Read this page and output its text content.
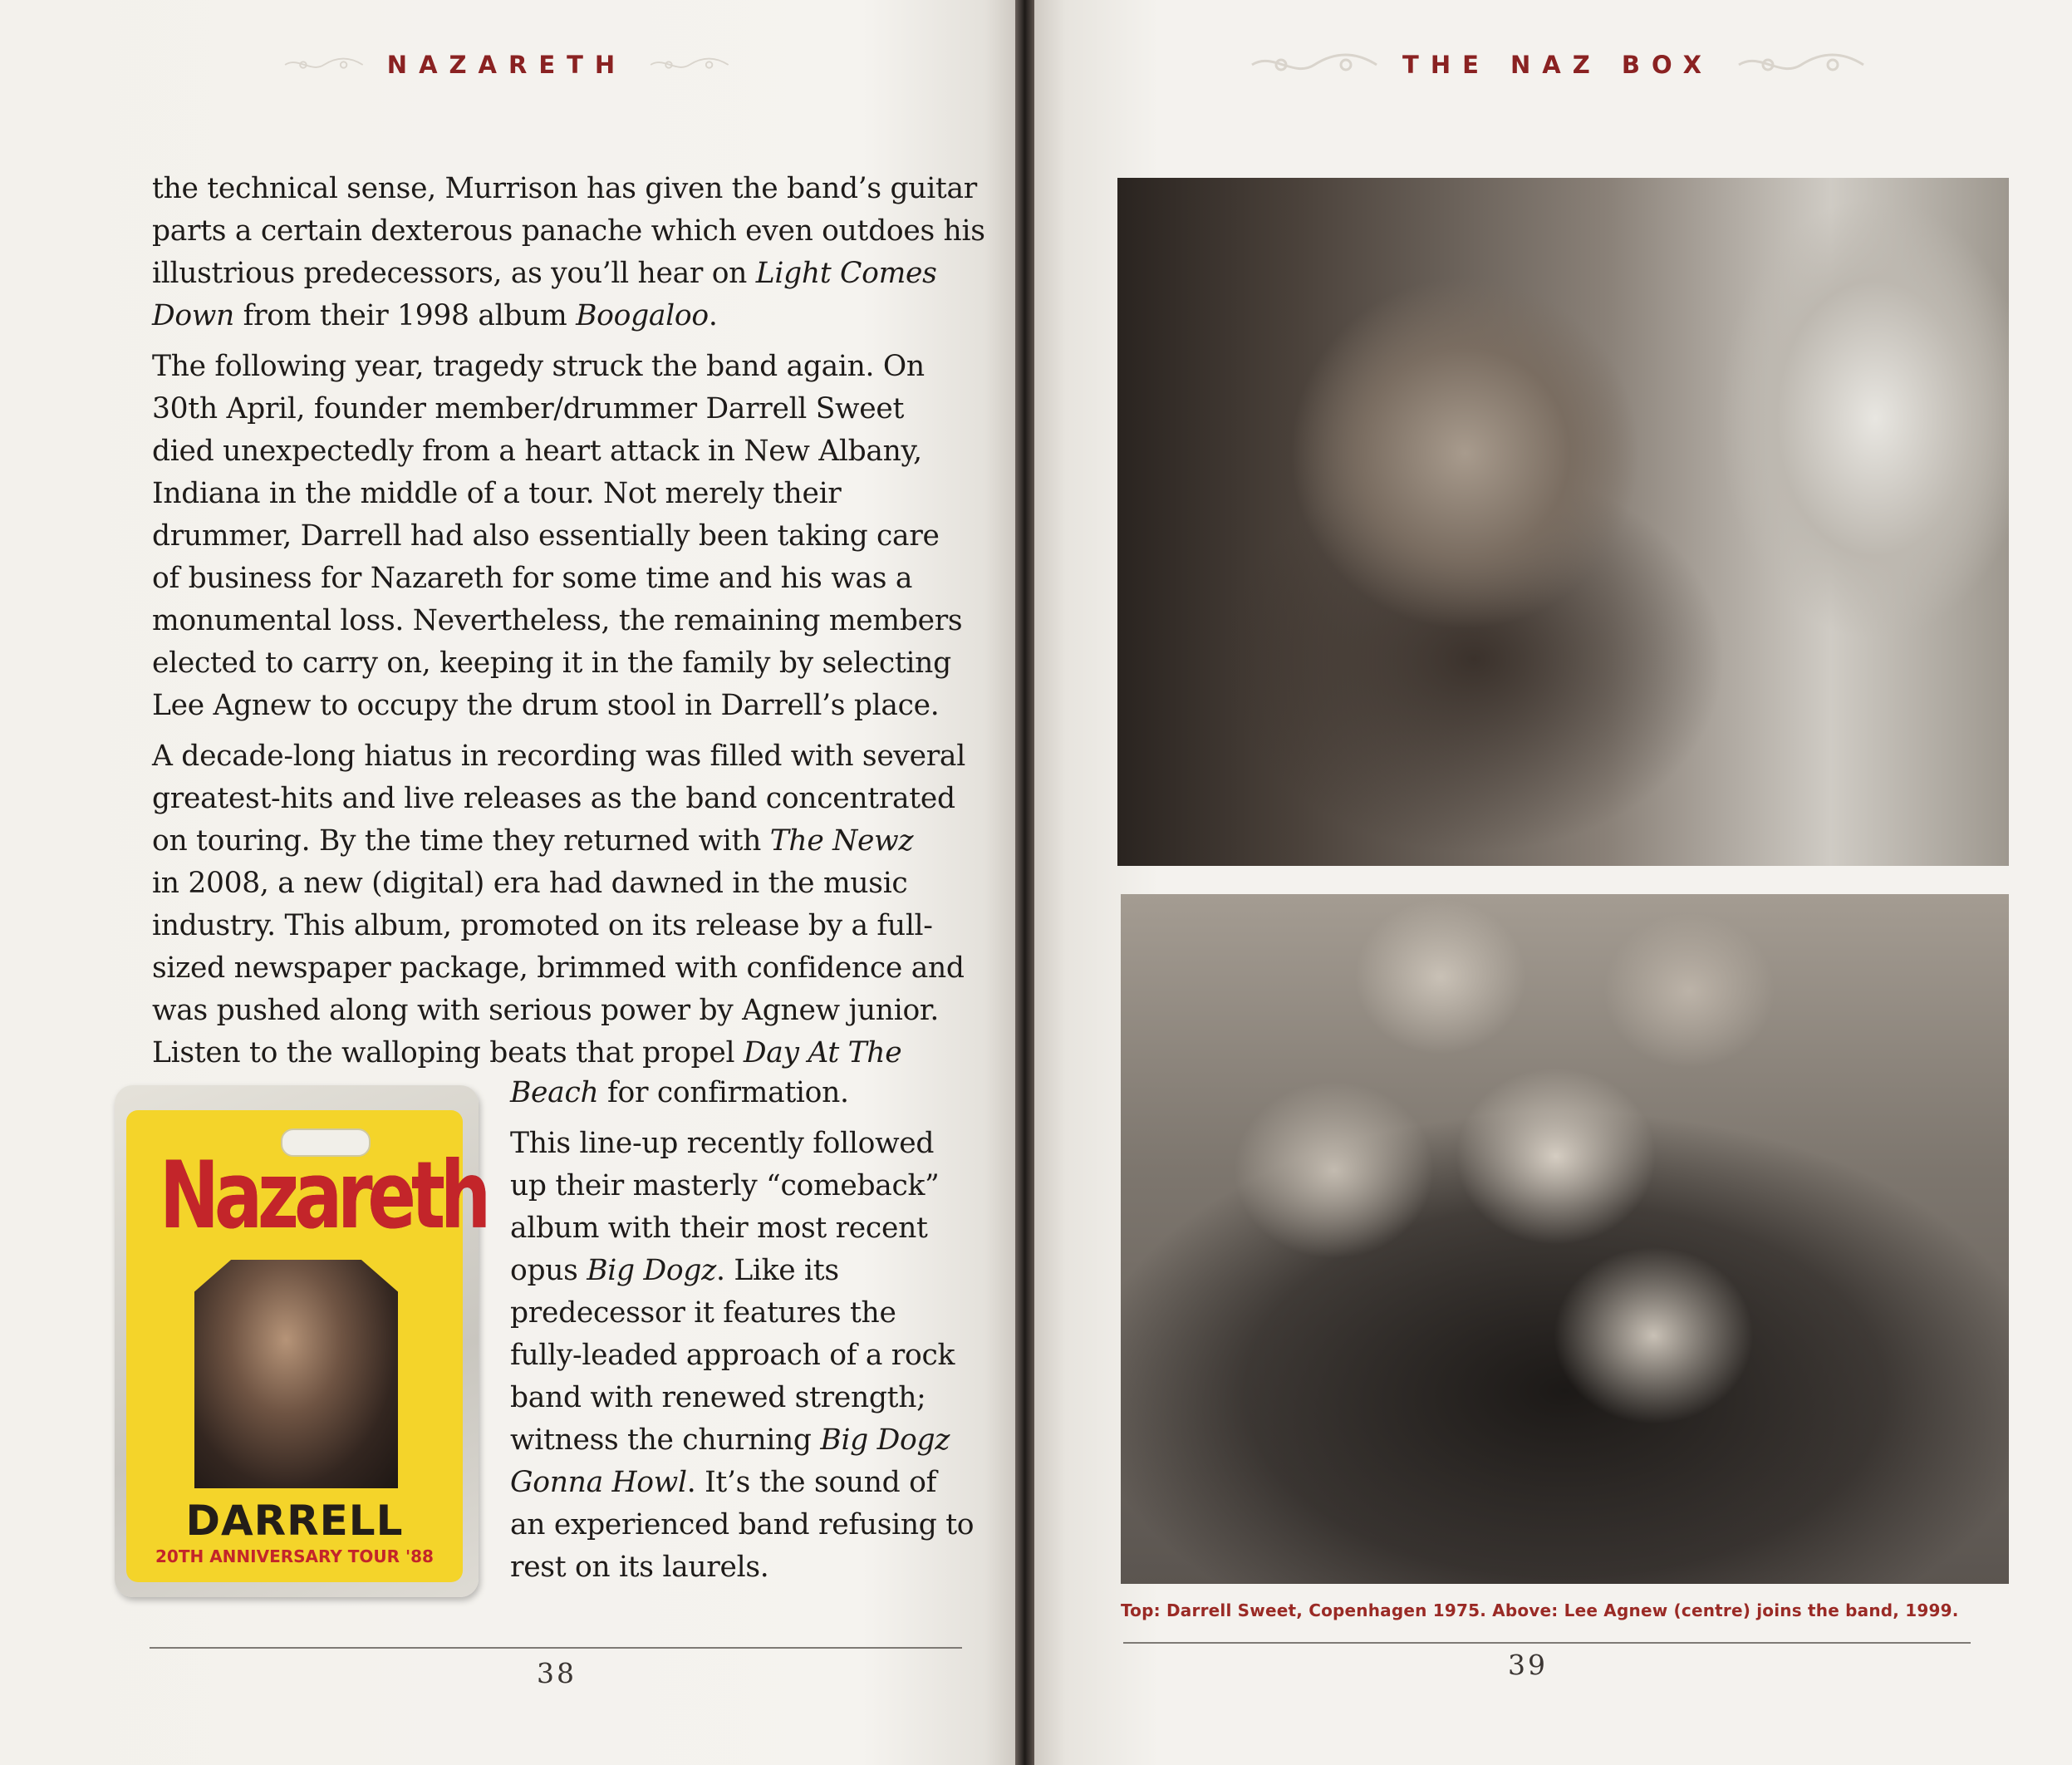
NAZARETH
the technical sense, Murrison has given the band’s guitar
parts a certain dexterous panache which even outdoes his
illustrious predecessors, as you’ll hear on Light Comes
Down from their 1998 album Boogaloo.
The following year, tragedy struck the band again. On
30th April, founder member/drummer Darrell Sweet
died unexpectedly from a heart attack in New Albany,
Indiana in the middle of a tour. Not merely their
drummer, Darrell had also essentially been taking care
of business for Nazareth for some time and his was a
monumental loss. Nevertheless, the remaining members
elected to carry on, keeping it in the family by selecting
Lee Agnew to occupy the drum stool in Darrell’s place.
A decade-long hiatus in recording was filled with several
greatest-hits and live releases as the band concentrated
on touring. By the time they returned with The Newz
in 2008, a new (digital) era had dawned in the music
industry. This album, promoted on its release by a full-
sized newspaper package, brimmed with confidence and
was pushed along with serious power by Agnew junior.
Listen to the walloping beats that propel Day At The
Nazareth
DARRELL
20TH ANNIVERSARY TOUR '88
Beach for confirmation.
This line-up recently followed
up their masterly “comeback”
album with their most recent
opus Big Dogz. Like its
predecessor it features the
fully-leaded approach of a rock
band with renewed strength;
witness the churning Big Dogz
Gonna Howl. It’s the sound of
an experienced band refusing to
rest on its laurels.
38
THE NAZ BOX
Top: Darrell Sweet, Copenhagen 1975. Above: Lee Agnew (centre) joins the band, 1999.
39
